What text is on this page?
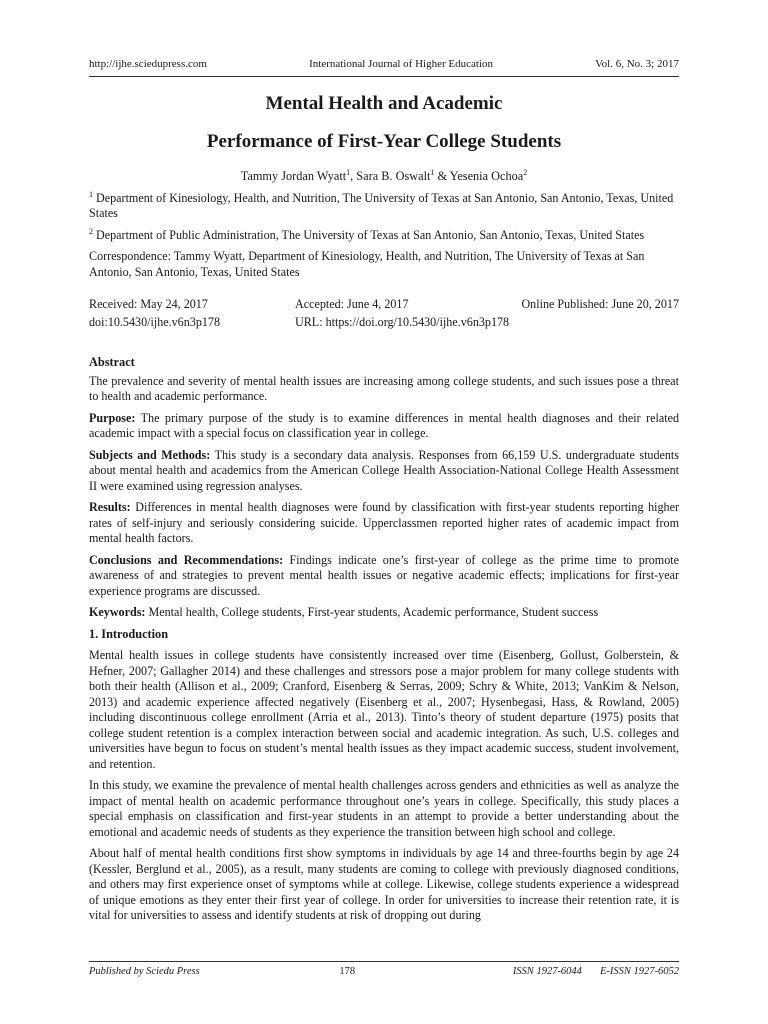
http://ijhe.sciedupress.com	International Journal of Higher Education	Vol. 6, No. 3; 2017
Mental Health and Academic
Performance of First-Year College Students
Tammy Jordan Wyatt$^1$, Sara B. Oswalt$^1$ & Yesenia Ochoa$^2$

$^1$ Department of Kinesiology, Health, and Nutrition, The University of Texas at San Antonio, San Antonio, Texas, United States

$^2$ Department of Public Administration, The University of Texas at San Antonio, San Antonio, Texas, United States

Correspondence: Tammy Wyatt, Department of Kinesiology, Health, and Nutrition, The University of Texas at San Antonio, San Antonio, Texas, United States

Received: May 24, 2017	Accepted: June 4, 2017	Online Published: June 20, 2017
doi:10.5430/ijhe.v6n3p178	URL: https://doi.org/10.5430/ijhe.v6n3p178
Abstract

The prevalence and severity of mental health issues are increasing among college students, and such issues pose a threat to health and academic performance.

Purpose: The primary purpose of the study is to examine differences in mental health diagnoses and their related academic impact with a special focus on classification year in college.

Subjects and Methods: This study is a secondary data analysis. Responses from 66,159 U.S. undergraduate students about mental health and academics from the American College Health Association-National College Health Assessment II were examined using regression analyses.

Results: Differences in mental health diagnoses were found by classification with first-year students reporting higher rates of self-injury and seriously considering suicide. Upperclassmen reported higher rates of academic impact from mental health factors.

Conclusions and Recommendations: Findings indicate one’s first-year of college as the prime time to promote awareness of and strategies to prevent mental health issues or negative academic effects; implications for first-year experience programs are discussed.

Keywords: Mental health, College students, First-year students, Academic performance, Student success

1. Introduction

Mental health issues in college students have consistently increased over time (Eisenberg, Gollust, Golberstein, & Hefner, 2007; Gallagher 2014) and these challenges and stressors pose a major problem for many college students with both their health (Allison et al., 2009; Cranford, Eisenberg & Serras, 2009; Schry & White, 2013; VanKim & Nelson, 2013) and academic experience affected negatively (Eisenberg et al., 2007; Hysenbegasi, Hass, & Rowland, 2005) including discontinuous college enrollment (Arria et al., 2013). Tinto’s theory of student departure (1975) posits that college student retention is a complex interaction between social and academic integration. As such, U.S. colleges and universities have begun to focus on student’s mental health issues as they impact academic success, student involvement, and retention.

In this study, we examine the prevalence of mental health challenges across genders and ethnicities as well as analyze the impact of mental health on academic performance throughout one’s years in college. Specifically, this study places a special emphasis on classification and first-year students in an attempt to provide a better understanding about the emotional and academic needs of students as they experience the transition between high school and college.

About half of mental health conditions first show symptoms in individuals by age 14 and three-fourths begin by age 24 (Kessler, Berglund et al., 2005), as a result, many students are coming to college with previously diagnosed conditions, and others may first experience onset of symptoms while at college. Likewise, college students experience a widespread of unique emotions as they enter their first year of college. In order for universities to increase their retention rate, it is vital for universities to assess and identify students at risk of dropping out during

Published by Sciedu Press	178	ISSN 1927-6044 E-ISSN 1927-6052
